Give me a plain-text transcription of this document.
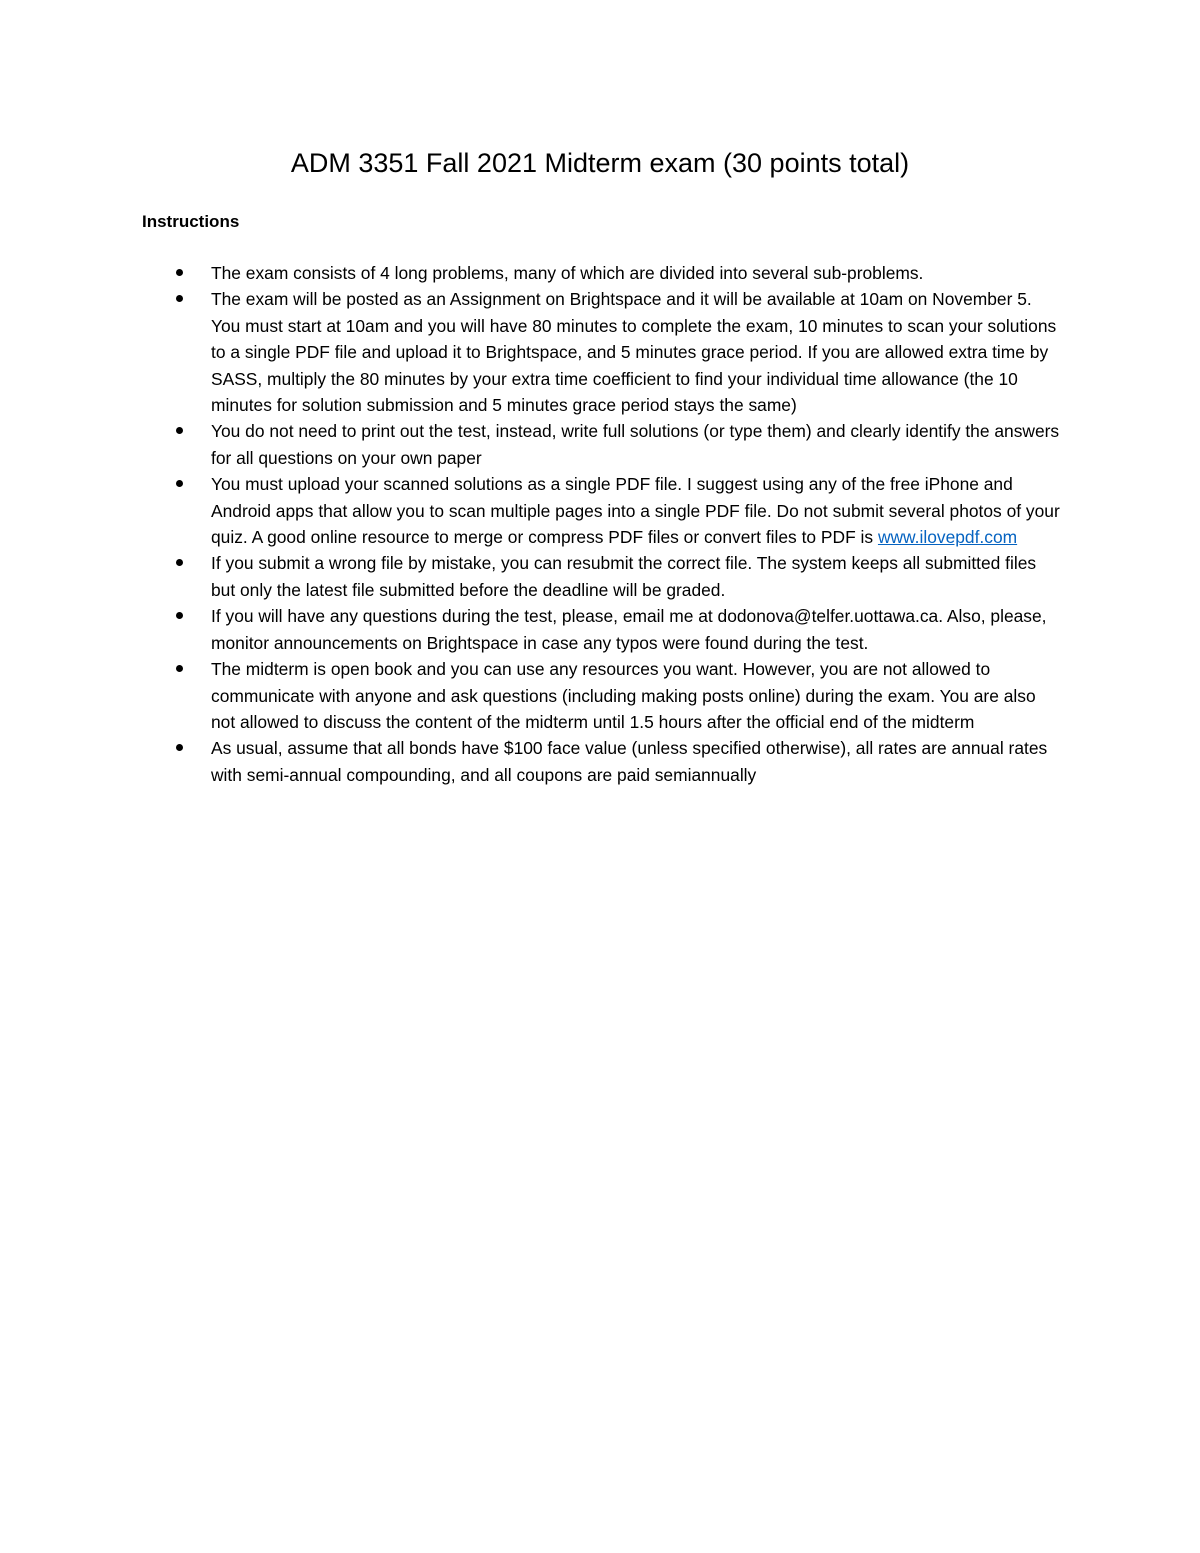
ADM 3351 Fall 2021 Midterm exam (30 points total)
Instructions
The exam consists of 4 long problems, many of which are divided into several sub-problems.
The exam will be posted as an Assignment on Brightspace and it will be available at 10am on November 5. You must start at 10am and you will have 80 minutes to complete the exam, 10 minutes to scan your solutions to a single PDF file and upload it to Brightspace, and 5 minutes grace period. If you are allowed extra time by SASS, multiply the 80 minutes by your extra time coefficient to find your individual time allowance (the 10 minutes for solution submission and 5 minutes grace period stays the same)
You do not need to print out the test, instead, write full solutions (or type them) and clearly identify the answers for all questions on your own paper
You must upload your scanned solutions as a single PDF file. I suggest using any of the free iPhone and Android apps that allow you to scan multiple pages into a single PDF file. Do not submit several photos of your quiz. A good online resource to merge or compress PDF files or convert files to PDF is www.ilovepdf.com
If you submit a wrong file by mistake, you can resubmit the correct file. The system keeps all submitted files but only the latest file submitted before the deadline will be graded.
If you will have any questions during the test, please, email me at dodonova@telfer.uottawa.ca. Also, please, monitor announcements on Brightspace in case any typos were found during the test.
The midterm is open book and you can use any resources you want. However, you are not allowed to communicate with anyone and ask questions (including making posts online) during the exam. You are also not allowed to discuss the content of the midterm until 1.5 hours after the official end of the midterm
As usual, assume that all bonds have $100 face value (unless specified otherwise), all rates are annual rates with semi-annual compounding, and all coupons are paid semiannually
